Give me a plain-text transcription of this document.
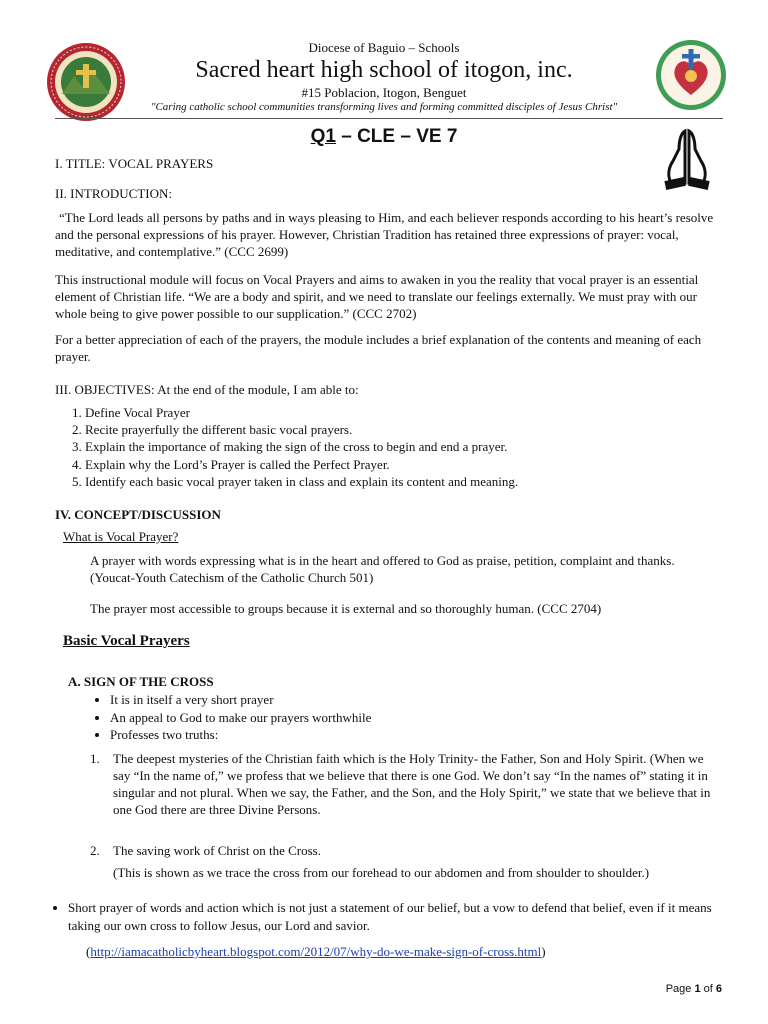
Diocese of Baguio – Schools
Sacred heart high school of itogon, inc.
#15 Poblacion, Itogon, Benguet
"Caring catholic school communities transforming lives and forming committed disciples of Jesus Christ"
Q1 – CLE – VE 7
I. TITLE: VOCAL PRAYERS
II. INTRODUCTION:
“The Lord leads all persons by paths and in ways pleasing to Him, and each believer responds according to his heart’s resolve and the personal expressions of his prayer. However, Christian Tradition has retained three expressions of prayer: vocal, meditative, and contemplative.” (CCC 2699)
This instructional module will focus on Vocal Prayers and aims to awaken in you the reality that vocal prayer is an essential element of Christian life. “We are a body and spirit, and we need to translate our feelings externally. We must pray with our whole being to give power possible to our supplication.” (CCC 2702)
For a better appreciation of each of the prayers, the module includes a brief explanation of the contents and meaning of each prayer.
III. OBJECTIVES: At the end of the module, I am able to:
1. Define Vocal Prayer
2. Recite prayerfully the different basic vocal prayers.
3. Explain the importance of making the sign of the cross to begin and end a prayer.
4. Explain why the Lord’s Prayer is called the Perfect Prayer.
5. Identify each basic vocal prayer taken in class and explain its content and meaning.
IV. CONCEPT/DISCUSSION
What is Vocal Prayer?
A prayer with words expressing what is in the heart and offered to God as praise, petition, complaint and thanks. (Youcat-Youth Catechism of the Catholic Church 501)
The prayer most accessible to groups because it is external and so thoroughly human. (CCC 2704)
Basic Vocal Prayers
A. SIGN OF THE CROSS
• It is in itself a very short prayer
• An appeal to God to make our prayers worthwhile
• Professes two truths:
1. The deepest mysteries of the Christian faith which is the Holy Trinity- the Father, Son and Holy Spirit. (When we say “In the name of,” we profess that we believe that there is one God. We don’t say “In the names of” stating it in singular and not plural. When we say, the Father, and the Son, and the Holy Spirit,” we state that we believe that in one God there are three Divine Persons.
2. The saving work of Christ on the Cross.
(This is shown as we trace the cross from our forehead to our abdomen and from shoulder to shoulder.)
• Short prayer of words and action which is not just a statement of our belief, but a vow to defend that belief, even if it means taking our own cross to follow Jesus, our Lord and savior.
(http://iamacatholicbyheart.blogspot.com/2012/07/why-do-we-make-sign-of-cross.html)
Page 1 of 6
